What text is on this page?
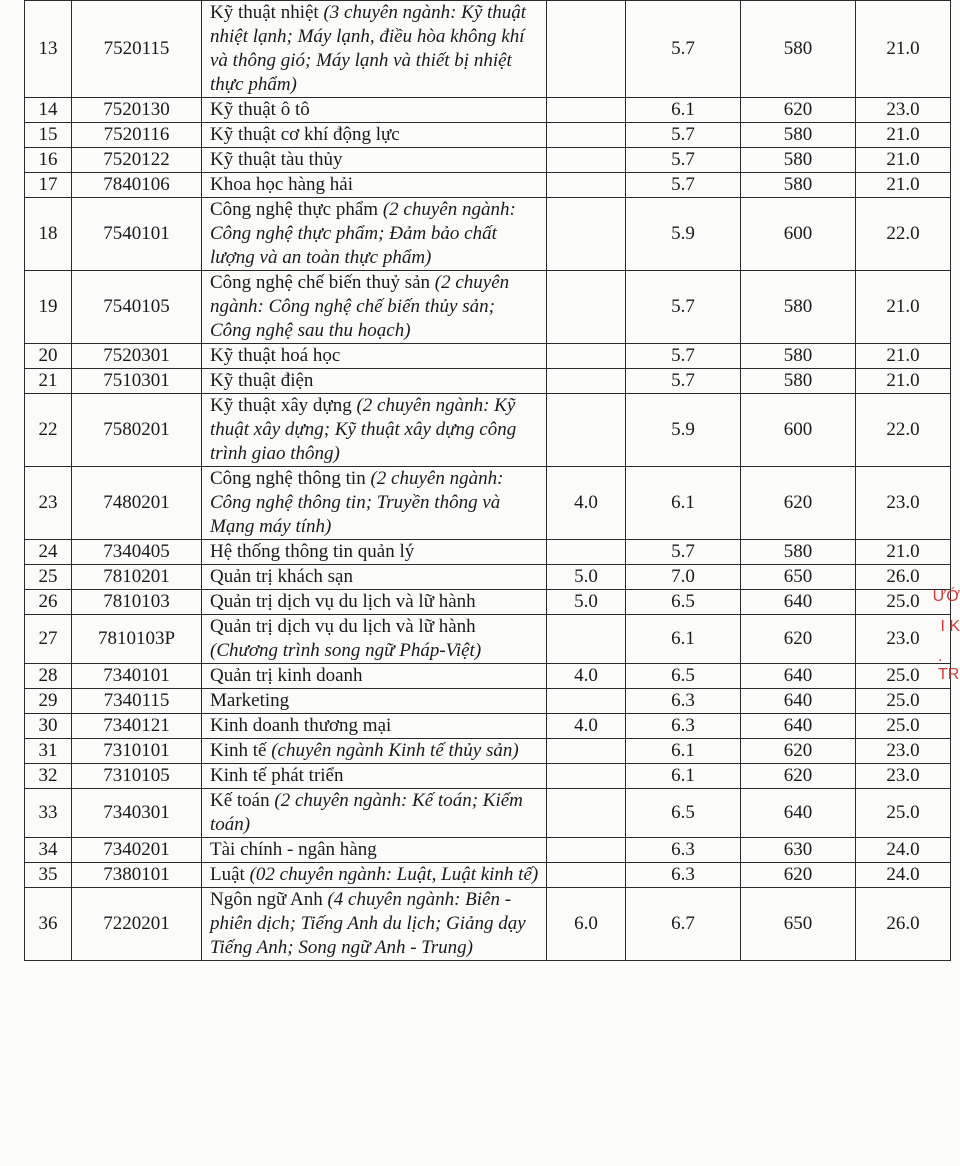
13	7520115	Kỹ thuật nhiệt (3 chuyên ngành: Kỹ thuật nhiệt lạnh; Máy lạnh, điều hòa không khí và thông gió; Máy lạnh và thiết bị nhiệt thực phẩm)		5.7	580	21.0
14	7520130	Kỹ thuật ô tô		6.1	620	23.0
15	7520116	Kỹ thuật cơ khí động lực		5.7	580	21.0
16	7520122	Kỹ thuật tàu thủy		5.7	580	21.0
17	7840106	Khoa học hàng hải		5.7	580	21.0
18	7540101	Công nghệ thực phẩm (2 chuyên ngành: Công nghệ thực phẩm; Đảm bảo chất lượng và an toàn thực phẩm)		5.9	600	22.0
19	7540105	Công nghệ chế biến thuỷ sản (2 chuyên ngành: Công nghệ chế biến thủy sản; Công nghệ sau thu hoạch)		5.7	580	21.0
20	7520301	Kỹ thuật hoá học		5.7	580	21.0
21	7510301	Kỹ thuật điện		5.7	580	21.0
22	7580201	Kỹ thuật xây dựng (2 chuyên ngành: Kỹ thuật xây dựng; Kỹ thuật xây dựng công trình giao thông)		5.9	600	22.0
23	7480201	Công nghệ thông tin (2 chuyên ngành: Công nghệ thông tin; Truyền thông và Mạng máy tính)	4.0	6.1	620	23.0
24	7340405	Hệ thống thông tin quản lý		5.7	580	21.0
25	7810201	Quản trị khách sạn	5.0	7.0	650	26.0
26	7810103	Quản trị dịch vụ du lịch và lữ hành	5.0	6.5	640	25.0
27	7810103P	Quản trị dịch vụ du lịch và lữ hành (Chương trình song ngữ Pháp-Việt)		6.1	620	23.0
28	7340101	Quản trị kinh doanh	4.0	6.5	640	25.0
29	7340115	Marketing		6.3	640	25.0
30	7340121	Kinh doanh thương mại	4.0	6.3	640	25.0
31	7310101	Kinh tế (chuyên ngành Kinh tế thủy sản)		6.1	620	23.0
32	7310105	Kinh tế phát triển		6.1	620	23.0
33	7340301	Kế toán (2 chuyên ngành: Kế toán; Kiểm toán)		6.5	640	25.0
34	7340201	Tài chính - ngân hàng		6.3	630	24.0
35	7380101	Luật (02 chuyên ngành: Luật, Luật kinh tế)		6.3	620	24.0
36	7220201	Ngôn ngữ Anh (4 chuyên ngành: Biên - phiên dịch; Tiếng Anh du lịch; Giảng dạy Tiếng Anh; Song ngữ Anh - Trung)	6.0	6.7	650	26.0
ƯỚ
I K
. TR
